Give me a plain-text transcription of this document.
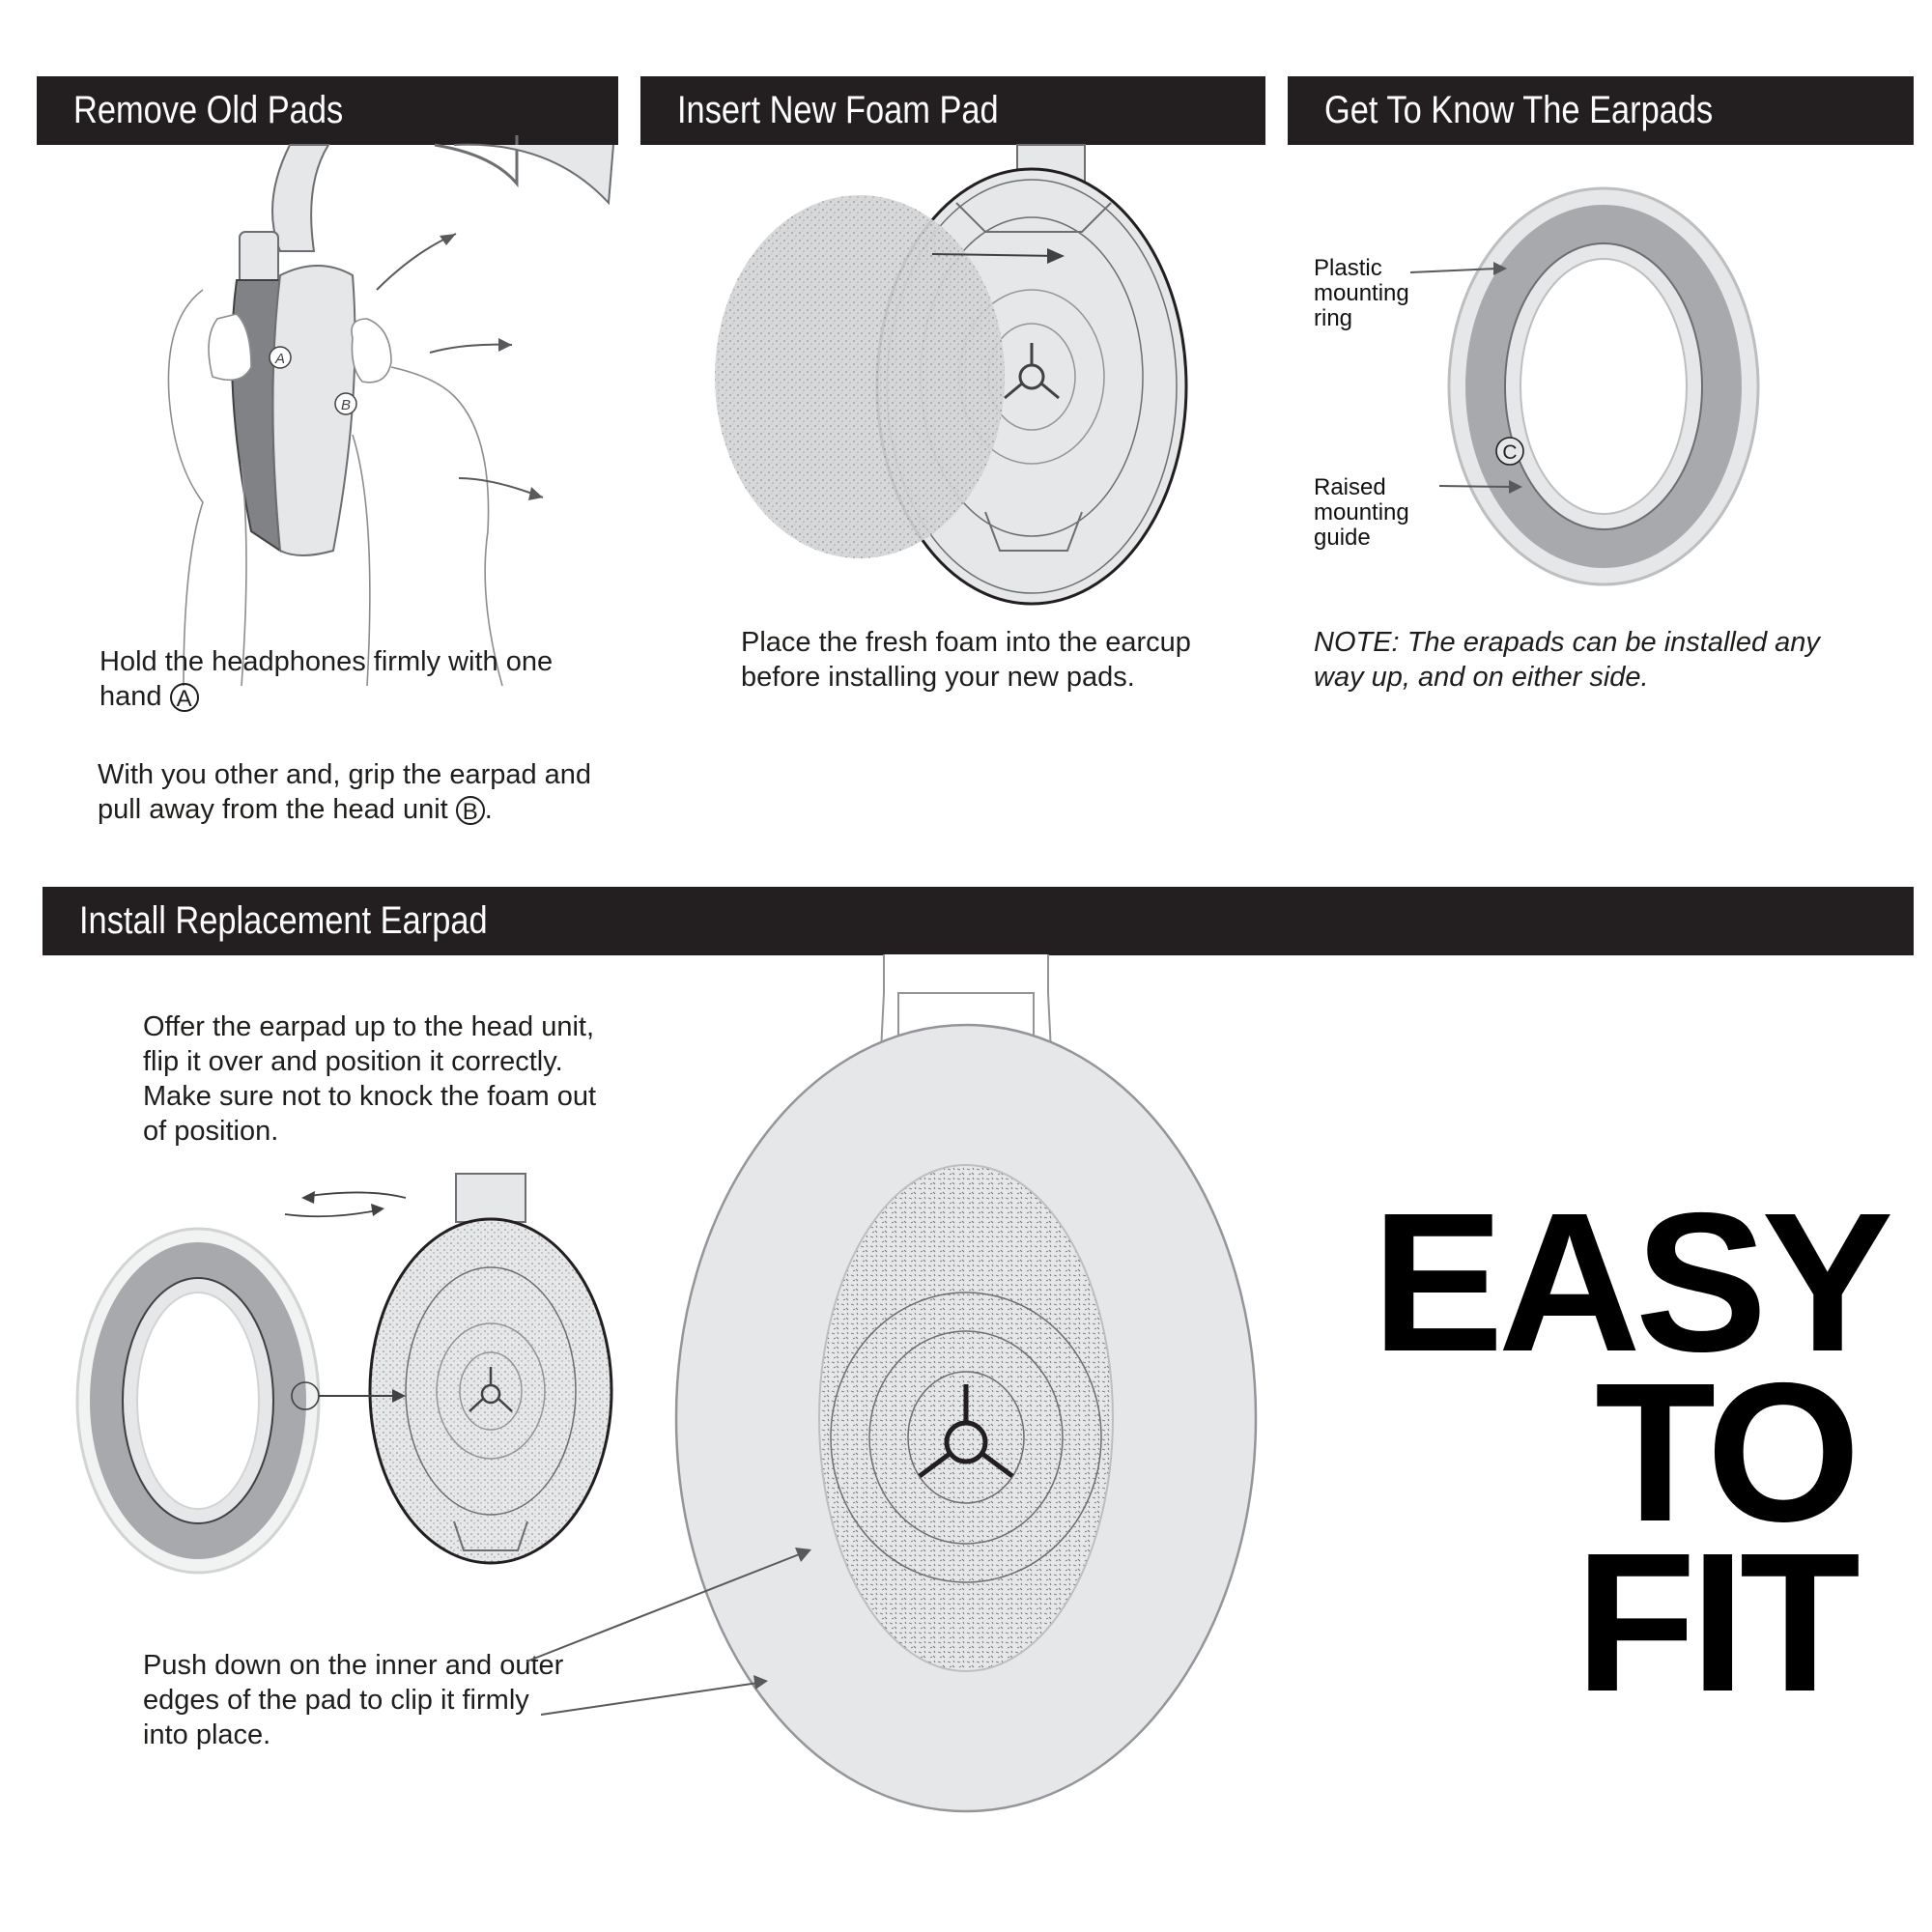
Remove Old Pads	Insert New Foam Pad	Get To Know The Earpads
Install Replacement Earpad
A
B
Hold the headphones firmly with one hand A
With you other and, grip the earpad and pull away from the head unit B .

Place the fresh foam into the earcup before installing your new pads.

C
Plastic mounting ring
Raised mounting guide
NOTE: The erapads can be installed any way up, and on either side.

Offer the earpad up to the head unit, flip it over and position it correctly. Make sure not to knock the foam out of position.

Push down on the inner and outer edges of the pad to clip it firmly into place.

EASY
TO
FIT
